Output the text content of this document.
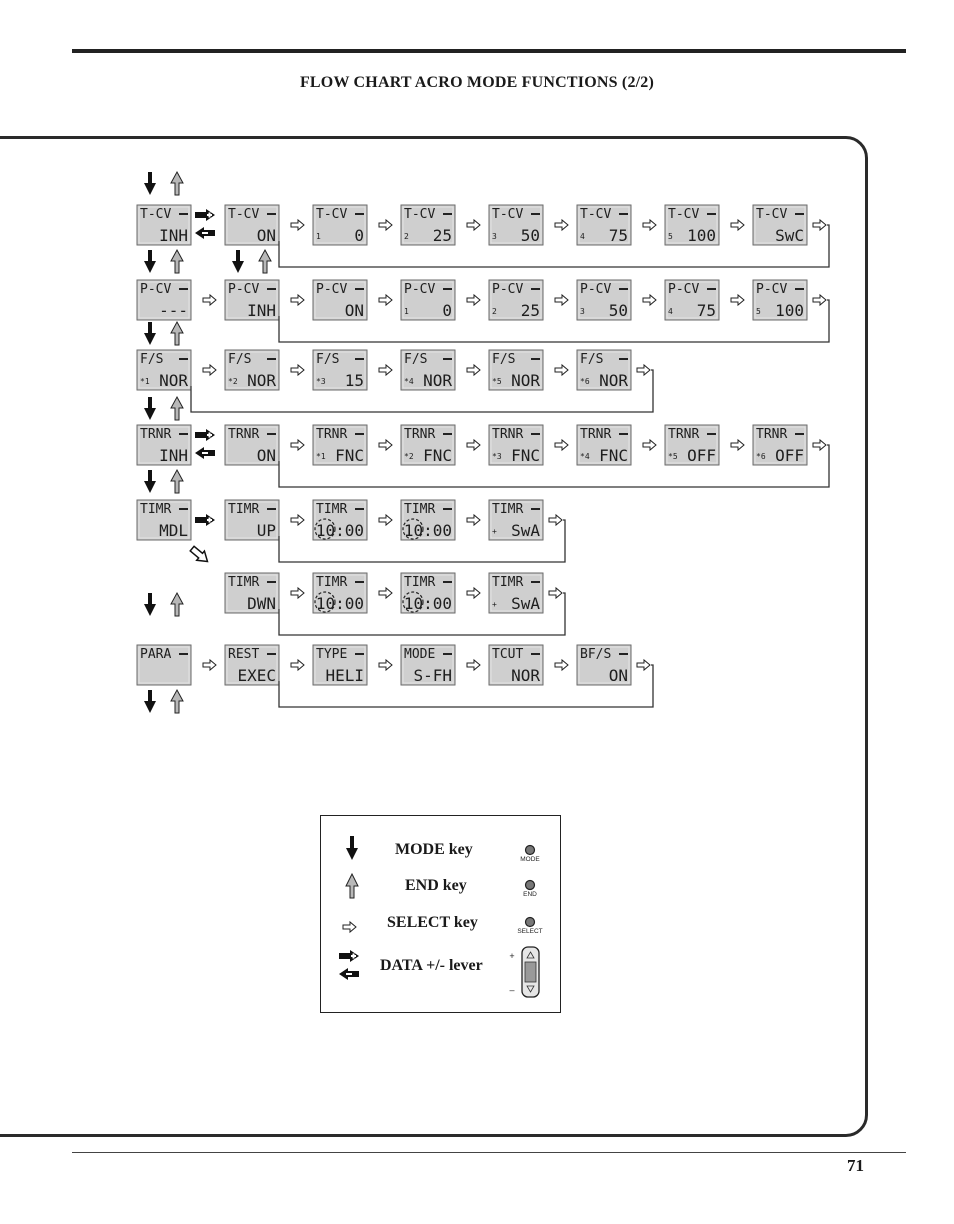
FLOW CHART ACRO MODE FUNCTIONS (2/2)
T-CV
INH
T-CV
ON
T-CV
1 0
T-CV
2 25
T-CV
3 50
T-CV
4 75
T-CV
5 100
T-CV
SwC
P-CV
---
P-CV
INH
P-CV
ON
P-CV
1 0
P-CV
2 25
P-CV
3 50
P-CV
4 75
P-CV
5 100
F/S
*1 NOR
F/S
*2 NOR
F/S
*3 15
F/S
*4 NOR
F/S
*5 NOR
F/S
*6 NOR
TRNR
INH
TRNR
ON
TRNR
*1 FNC
TRNR
*2 FNC
TRNR
*3 FNC
TRNR
*4 FNC
TRNR
*5 OFF
TRNR
*6 OFF
TIMR
MDL
TIMR
UP
TIMR
10:00
TIMR
10:00
TIMR
+ SwA
TIMR
DWN
TIMR
10:00
TIMR
10:00
TIMR
+ SwA
PARA	REST
EXEC
TYPE
HELI
MODE
S-FH
TCUT
NOR
BF/S
ON
MODE key
END key
SELECT key
DATA +/- lever
MODE
END
SELECT
+
–
71
